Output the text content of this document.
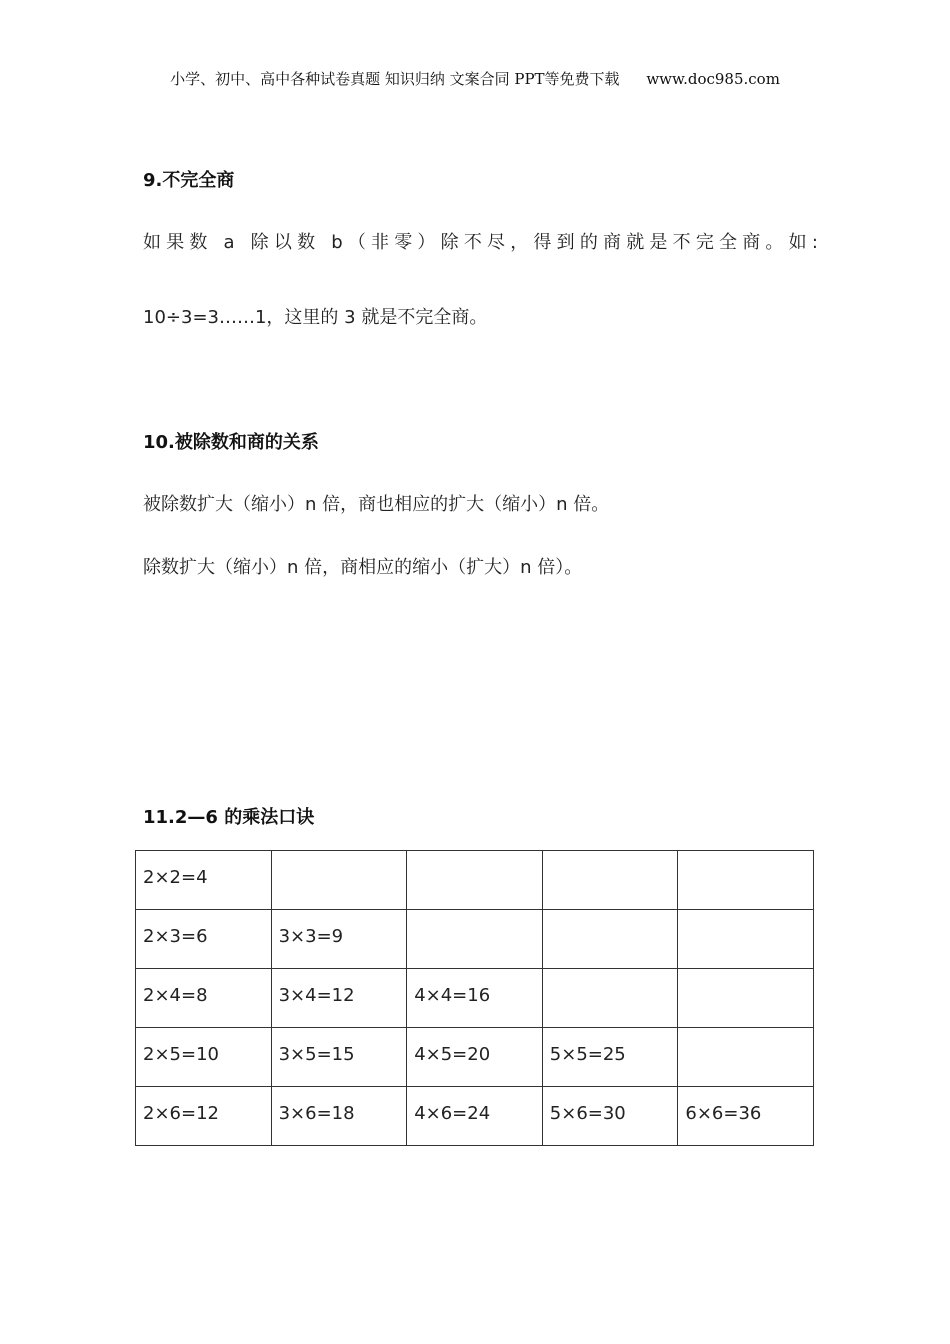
小学、初中、高中各种试卷真题 知识归纳 文案合同 PPT等免费下载 www.doc985.com
9.不完全商
如果数 a 除以数 b（非零）除不尽，得到的商就是不完全商。如:
10÷3=3……1，这里的 3 就是不完全商。
10.被除数和商的关系
被除数扩大（缩小）n 倍，商也相应的扩大（缩小）n 倍。
除数扩大（缩小）n 倍，商相应的缩小（扩大）n 倍）。
11.2—6 的乘法口诀
2×2=4				
2×3=6	3×3=9			
2×4=8	3×4=12	4×4=16		
2×5=10	3×5=15	4×5=20	5×5=25	
2×6=12	3×6=18	4×6=24	5×6=30	6×6=36
